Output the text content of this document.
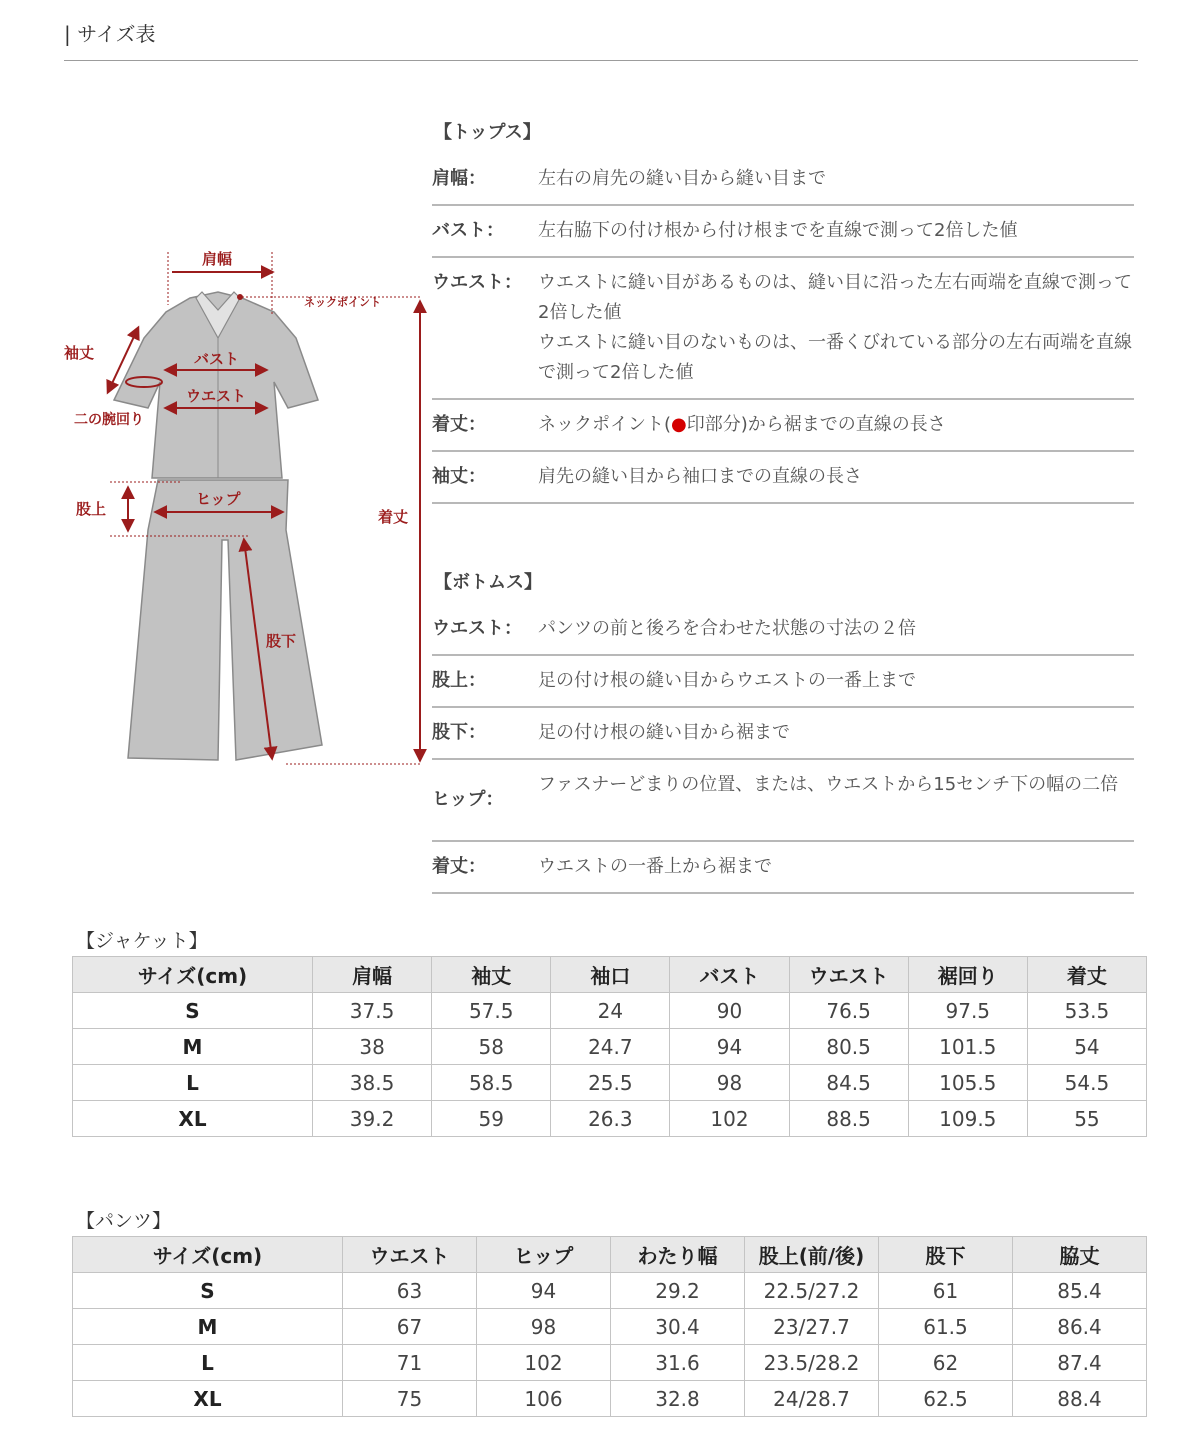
| サイズ表
ネックポイント
肩幅
袖丈
二の腕回り
バスト
ウエスト
股上
ヒップ
股下
着丈
【トップス】
肩幅：	左右の肩先の縫い目から縫い目まで
バスト：	左右脇下の付け根から付け根までを直線で測って2倍した値
ウエスト： ウエストに縫い目があるものは、縫い目に沿った左右両端を直線で測って2倍した値
ウエストに縫い目のないものは、一番くびれている部分の左右両端を直線で測って2倍した値
着丈：	ネックポイント(●印部分)から裾までの直線の長さ
袖丈：	肩先の縫い目から袖口までの直線の長さ
【ボトムス】
ウエスト： パンツの前と後ろを合わせた状態の寸法の２倍
股上：	足の付け根の縫い目からウエストの一番上まで
股下：	足の付け根の縫い目から裾まで
ヒップ：
ファスナーどまりの位置、または、ウエストから15センチ下の幅の二倍
着丈：	ウエストの一番上から裾まで
【ジャケット】
サイズ(cm)	肩幅	袖丈	袖口	バスト	ウエスト	裾回り	着丈
S	37.5	57.5	24	90	76.5	97.5	53.5
M	38	58	24.7	94	80.5	101.5	54
L	38.5	58.5	25.5	98	84.5	105.5	54.5
XL	39.2	59	26.3	102	88.5	109.5	55
【パンツ】
サイズ(cm)	ウエスト	ヒップ	わたり幅	股上(前/後)	股下	脇丈
S	63	94	29.2	22.5/27.2	61	85.4
M	67	98	30.4	23/27.7	61.5	86.4
L	71	102	31.6	23.5/28.2	62	87.4
XL	75	106	32.8	24/28.7	62.5	88.4
